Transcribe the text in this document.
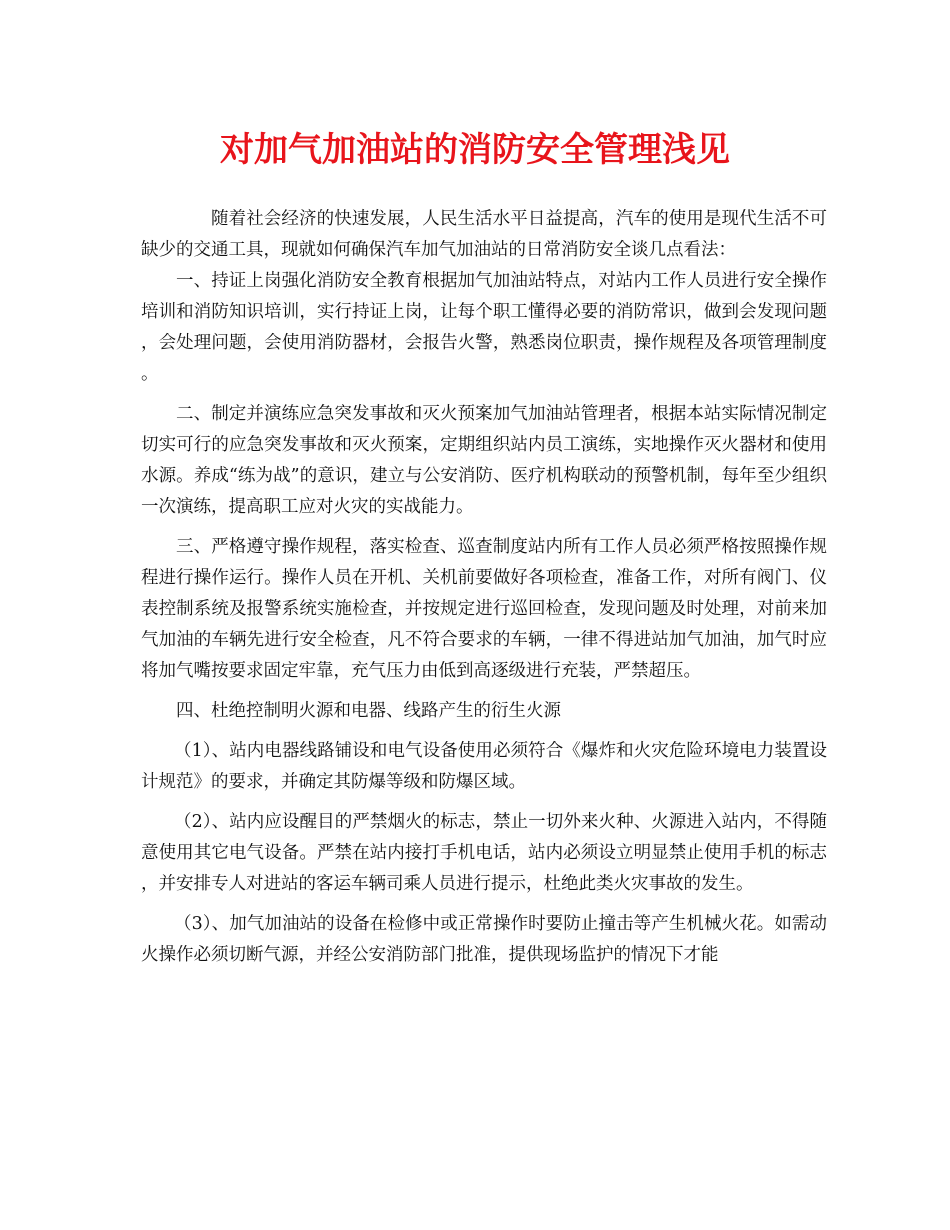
对加气加油站的消防安全管理浅见

随着社会经济的快速发展，人民生活水平日益提高，汽车的使用是现代生活不可缺少的交通工具，现就如何确保汽车加气加油站的日常消防安全谈几点看法：

一、持证上岗强化消防安全教育根据加气加油站特点，对站内工作人员进行安全操作培训和消防知识培训，实行持证上岗，让每个职工懂得必要的消防常识，做到会发现问题，会处理问题，会使用消防器材，会报告火警，熟悉岗位职责，操作规程及各项管理制度。

二、制定并演练应急突发事故和灭火预案加气加油站管理者，根据本站实际情况制定切实可行的应急突发事故和灭火预案，定期组织站内员工演练，实地操作灭火器材和使用水源。养成“练为战”的意识，建立与公安消防、医疗机构联动的预警机制，每年至少组织一次演练，提高职工应对火灾的实战能力。

三、严格遵守操作规程，落实检查、巡查制度站内所有工作人员必须严格按照操作规程进行操作运行。操作人员在开机、关机前要做好各项检查，准备工作，对所有阀门、仪表控制系统及报警系统实施检查，并按规定进行巡回检查，发现问题及时处理，对前来加气加油的车辆先进行安全检查，凡不符合要求的车辆，一律不得进站加气加油，加气时应将加气嘴按要求固定牢靠，充气压力由低到高逐级进行充装，严禁超压。

四、杜绝控制明火源和电器、线路产生的衍生火源

（1）、站内电器线路铺设和电气设备使用必须符合《爆炸和火灾危险环境电力装置设计规范》的要求，并确定其防爆等级和防爆区域。

（2）、站内应设醒目的严禁烟火的标志，禁止一切外来火种、火源进入站内，不得随意使用其它电气设备。严禁在站内接打手机电话，站内必须设立明显禁止使用手机的标志，并安排专人对进站的客运车辆司乘人员进行提示，杜绝此类火灾事故的发生。

（3）、加气加油站的设备在检修中或正常操作时要防止撞击等产生机械火花。如需动火操作必须切断气源，并经公安消防部门批准，提供现场监护的情况下才能
